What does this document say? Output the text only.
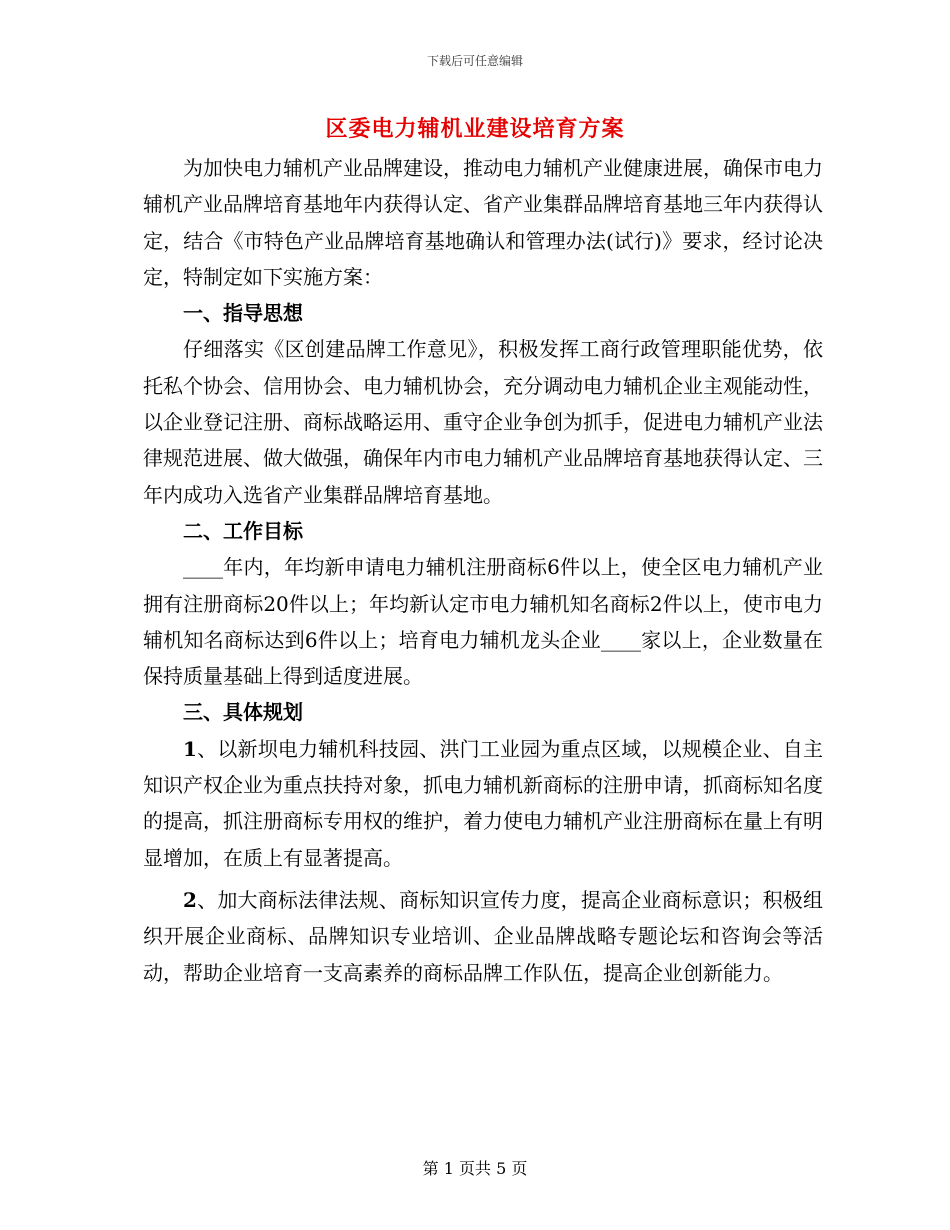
下载后可任意编辑
区委电力辅机业建设培育方案

为加快电力辅机产业品牌建设，推动电力辅机产业健康进展，确保市电力辅机产业品牌培育基地年内获得认定、省产业集群品牌培育基地三年内获得认定，结合《市特色产业品牌培育基地确认和管理办法(试行)》要求，经讨论决定，特制定如下实施方案：

一、指导思想

仔细落实《区创建品牌工作意见》，积极发挥工商行政管理职能优势，依托私个协会、信用协会、电力辅机协会，充分调动电力辅机企业主观能动性，以企业登记注册、商标战略运用、重守企业争创为抓手，促进电力辅机产业法律规范进展、做大做强，确保年内市电力辅机产业品牌培育基地获得认定、三年内成功入选省产业集群品牌培育基地。

二、工作目标

____年内，年均新申请电力辅机注册商标6件以上，使全区电力辅机产业拥有注册商标20件以上；年均新认定市电力辅机知名商标2件以上，使市电力辅机知名商标达到6件以上；培育电力辅机龙头企业____家以上，企业数量在保持质量基础上得到适度进展。

三、具体规划

1、以新坝电力辅机科技园、洪门工业园为重点区域，以规模企业、自主知识产权企业为重点扶持对象，抓电力辅机新商标的注册申请，抓商标知名度的提高，抓注册商标专用权的维护，着力使电力辅机产业注册商标在量上有明显增加，在质上有显著提高。

2、加大商标法律法规、商标知识宣传力度，提高企业商标意识；积极组织开展企业商标、品牌知识专业培训、企业品牌战略专题论坛和咨询会等活动，帮助企业培育一支高素养的商标品牌工作队伍，提高企业创新能力。

第 1 页共 5 页
